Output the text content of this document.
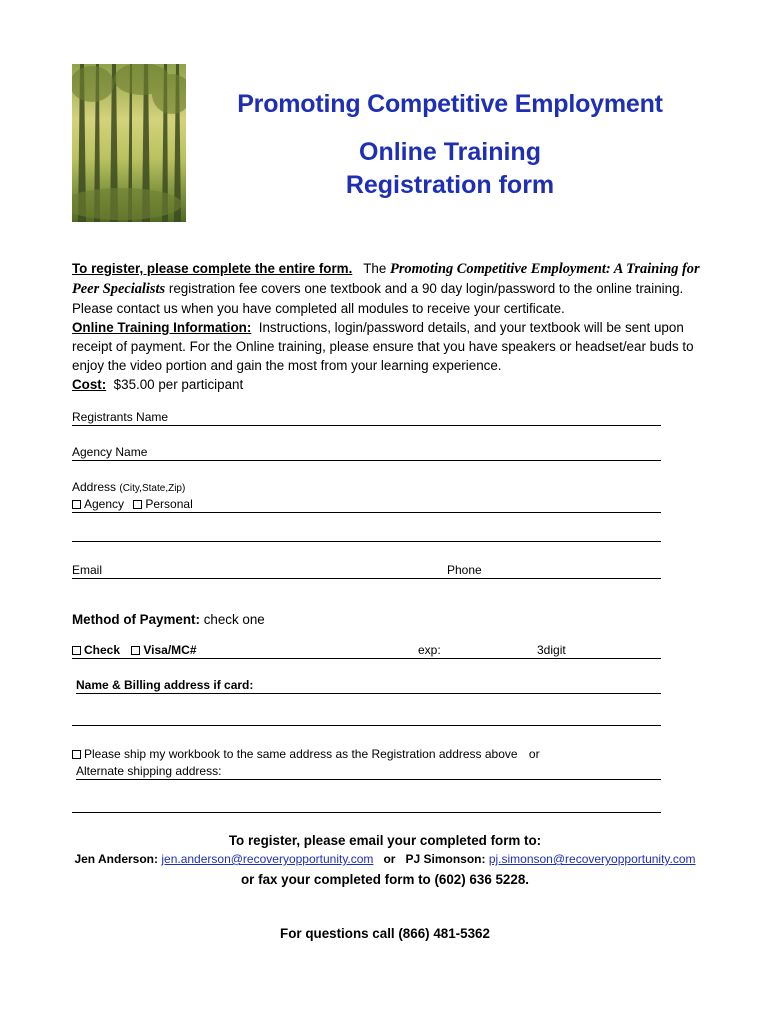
Promoting Competitive Employment
Online Training
Registration form
To register, please complete the entire form. The Promoting Competitive Employment: A Training for Peer Specialists registration fee covers one textbook and a 90 day login/password to the online training. Please contact us when you have completed all modules to receive your certificate.
Online Training Information: Instructions, login/password details, and your textbook will be sent upon receipt of payment. For the Online training, please ensure that you have speakers or headset/ear buds to enjoy the video portion and gain the most from your learning experience.
Cost: $35.00 per participant
Registrants Name
Agency Name
Address (City,State,Zip)
Agency Personal
Email	Phone
Method of Payment: check one
Check Visa/MC#	exp:	3digit
Name & Billing address if card:
Please ship my workbook to the same address as the Registration address above or
Alternate shipping address:
To register, please email your completed form to:
Jen Anderson: jen.anderson@recoveryopportunity.com or PJ Simonson: pj.simonson@recoveryopportunity.com
or fax your completed form to (602) 636 5228.
For questions call (866) 481-5362
